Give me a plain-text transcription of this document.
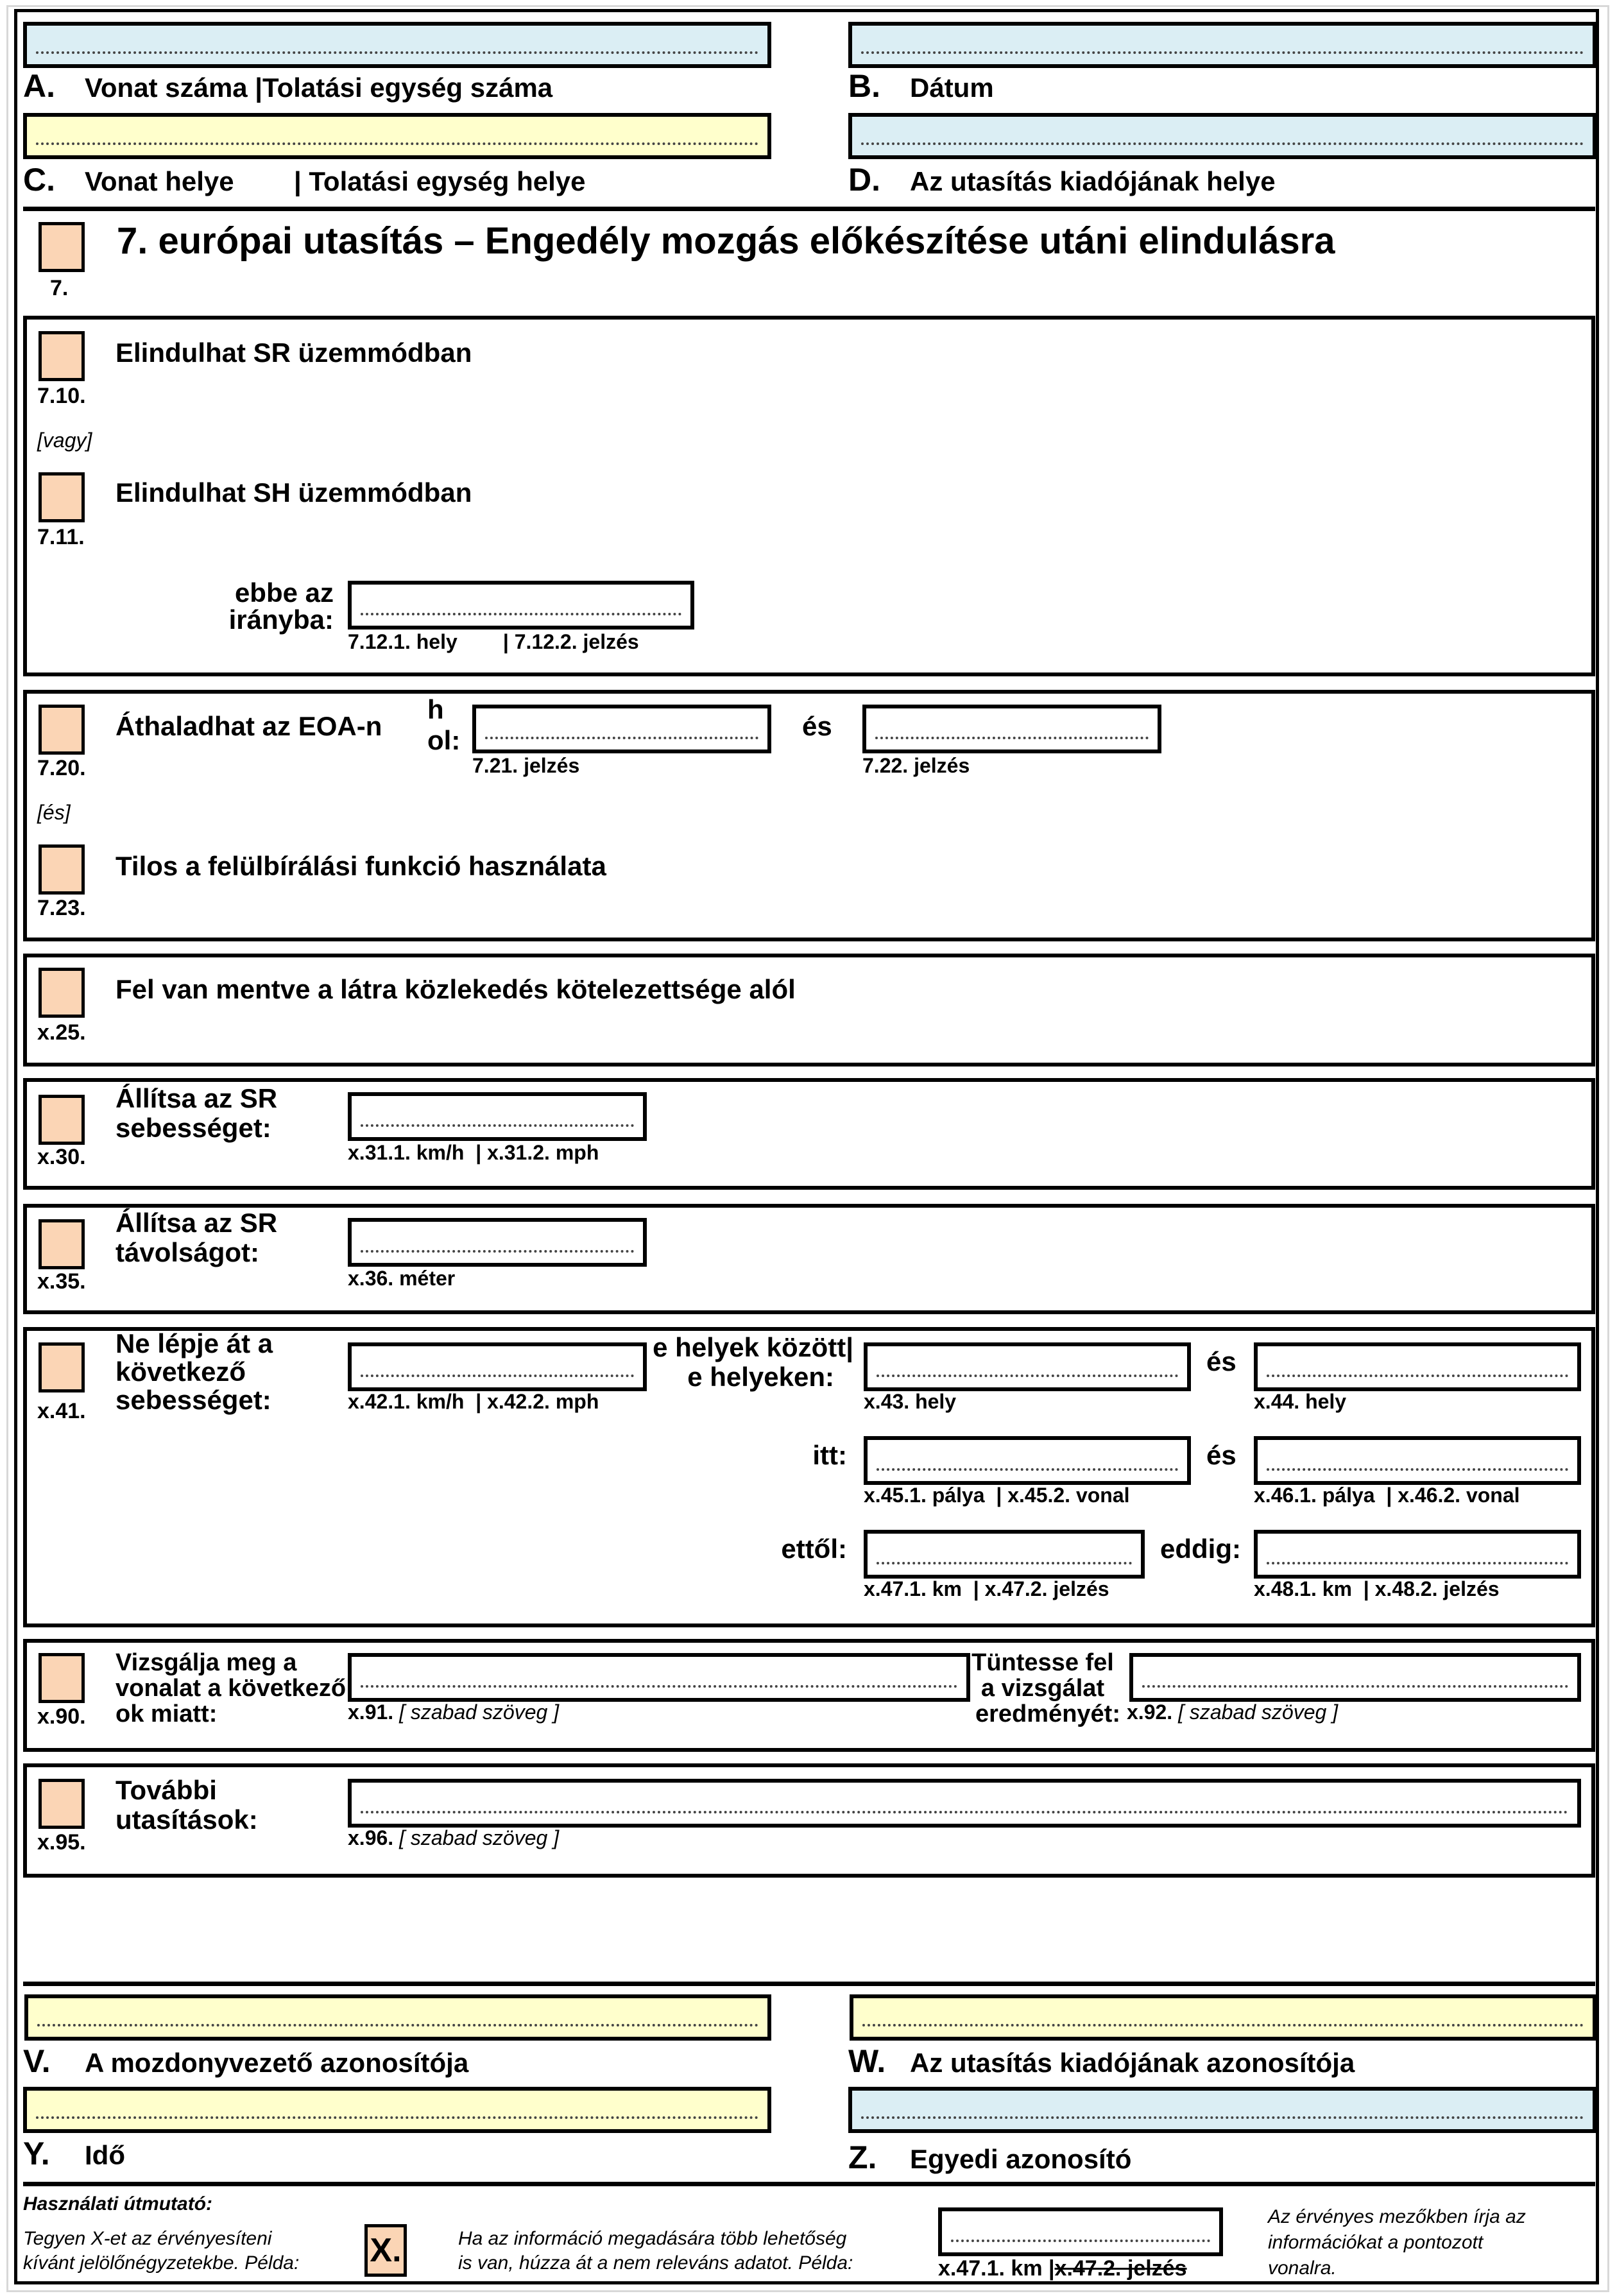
A. Vonat száma |Tolatási egység száma	B. Dátum
C. Vonat helye        | Tolatási egység helye	D. Az utasítás kiadójának helye
7.
7. európai utasítás – Engedély mozgás előkészítése utáni elindulásra
Elindulhat SR üzemmódban
7.10.
[vagy]
Elindulhat SH üzemmódban
7.11.
ebbe az
irányba:
7.12.1. hely        | 7.12.2. jelzés
Áthaladhat az EOA-n
7.20.
h
ol:
7.21. jelzés
és
7.22. jelzés
[és]
Tilos a felülbírálási funkció használata
7.23.
Fel van mentve a látra közlekedés kötelezettsége alól
x.25.
Állítsa az SR
sebességet:
x.30.	x.31.1. km/h  | x.31.2. mph
Állítsa az SR
távolságot:
x.35.	x.36. méter
Ne lépje át a
következő
sebességet:
x.41.	x.42.1. km/h  | x.42.2. mph
e helyek között|
e helyeken:
x.43. hely
és
x.44. hely
itt:
x.45.1. pálya  | x.45.2. vonal
és
x.46.1. pálya  | x.46.2. vonal
ettől:
x.47.1. km  | x.47.2. jelzés
eddig:
x.48.1. km  | x.48.2. jelzés
Vizsgálja meg a
vonalat a következő
ok miatt:
x.90.	x.91. [ szabad szöveg ]
Tüntesse fel
a vizsgálat
eredményét: x.92. [ szabad szöveg ]
További
utasítások:
x.95.	x.96. [ szabad szöveg ]
V. A mozdonyvezető azonosítója	W. Az utasítás kiadójának azonosítója
Y. Idő	Z. Egyedi azonosító
Használati útmutató:
Tegyen X-et az érvényesíteni
kívánt jelölőnégyzetekbe. Példa: X.	Ha az információ megadására több lehetőség
is van, húzza át a nem releváns adatot. Példa:	x.47.1. km |x.47.2. jelzés
Az érvényes mezőkben írja az
információkat a pontozott
vonalra.
